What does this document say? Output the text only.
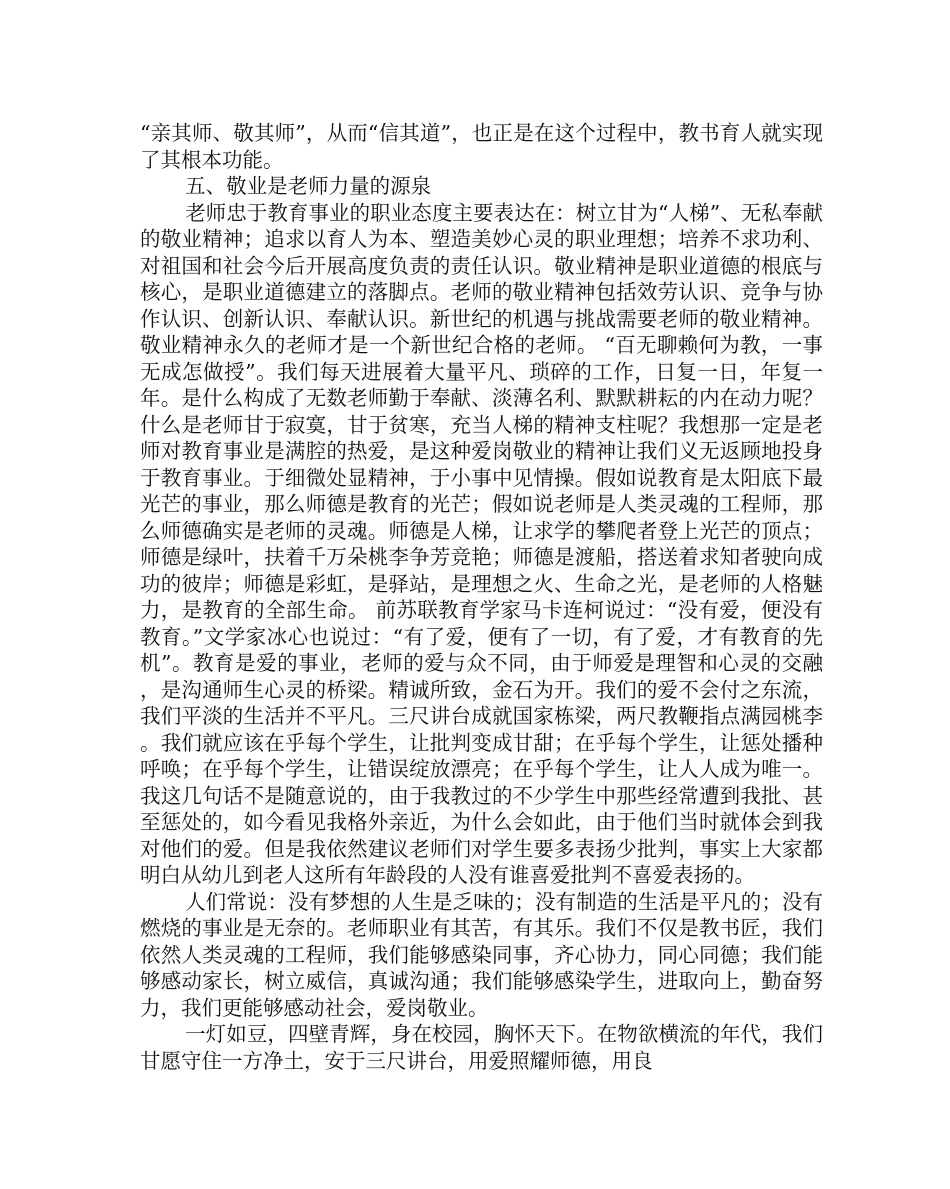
“亲其师、敬其师”，从而“信其道”，也正是在这个过程中，教书育人就实现了其根本功能。

五、敬业是老师力量的源泉

老师忠于教育事业的职业态度主要表达在：树立甘为“人梯”、无私奉献的敬业精神；追求以育人为本、塑造美妙心灵的职业理想；培养不求功利、对祖国和社会今后开展高度负责的责任认识。敬业精神是职业道德的根底与核心，是职业道德建立的落脚点。老师的敬业精神包括效劳认识、竞争与协作认识、创新认识、奉献认识。新世纪的机遇与挑战需要老师的敬业精神。敬业精神永久的老师才是一个新世纪合格的老师。 “百无聊赖何为教，一事无成怎做授”。我们每天进展着大量平凡、琐碎的工作，日复一日，年复一年。是什么构成了无数老师勤于奉献、淡薄名利、默默耕耘的内在动力呢？什么是老师甘于寂寞，甘于贫寒，充当人梯的精神支柱呢？我想那一定是老师对教育事业是满腔的热爱，是这种爱岗敬业的精神让我们义无返顾地投身于教育事业。于细微处显精神，于小事中见情操。假如说教育是太阳底下最光芒的事业，那么师德是教育的光芒；假如说老师是人类灵魂的工程师，那么师德确实是老师的灵魂。师德是人梯，让求学的攀爬者登上光芒的顶点；师德是绿叶，扶着千万朵桃李争芳竞艳；师德是渡船，搭送着求知者驶向成功的彼岸；师德是彩虹，是驿站，是理想之火、生命之光，是老师的人格魅力，是教育的全部生命。 前苏联教育学家马卡连柯说过：“没有爱，便没有教育。”文学家冰心也说过：“有了爱，便有了一切，有了爱，才有教育的先机”。教育是爱的事业，老师的爱与众不同，由于师爱是理智和心灵的交融，是沟通师生心灵的桥梁。精诚所致，金石为开。我们的爱不会付之东流，我们平淡的生活并不平凡。三尺讲台成就国家栋梁，两尺教鞭指点满园桃李。我们就应该在乎每个学生，让批判变成甘甜；在乎每个学生，让惩处播种呼唤；在乎每个学生，让错误绽放漂亮；在乎每个学生，让人人成为唯一。我这几句话不是随意说的，由于我教过的不少学生中那些经常遭到我批、甚至惩处的，如今看见我格外亲近，为什么会如此，由于他们当时就体会到我对他们的爱。但是我依然建议老师们对学生要多表扬少批判，事实上大家都明白从幼儿到老人这所有年龄段的人没有谁喜爱批判不喜爱表扬的。

人们常说：没有梦想的人生是乏味的；没有制造的生活是平凡的；没有燃烧的事业是无奈的。老师职业有其苦，有其乐。我们不仅是教书匠，我们依然人类灵魂的工程师，我们能够感染同事，齐心协力，同心同德；我们能够感动家长，树立威信，真诚沟通；我们能够感染学生，进取向上，勤奋努力，我们更能够感动社会，爱岗敬业。

一灯如豆，四壁青辉，身在校园，胸怀天下。在物欲横流的年代，我们甘愿守住一方净土，安于三尺讲台，用爱照耀师德，用良
